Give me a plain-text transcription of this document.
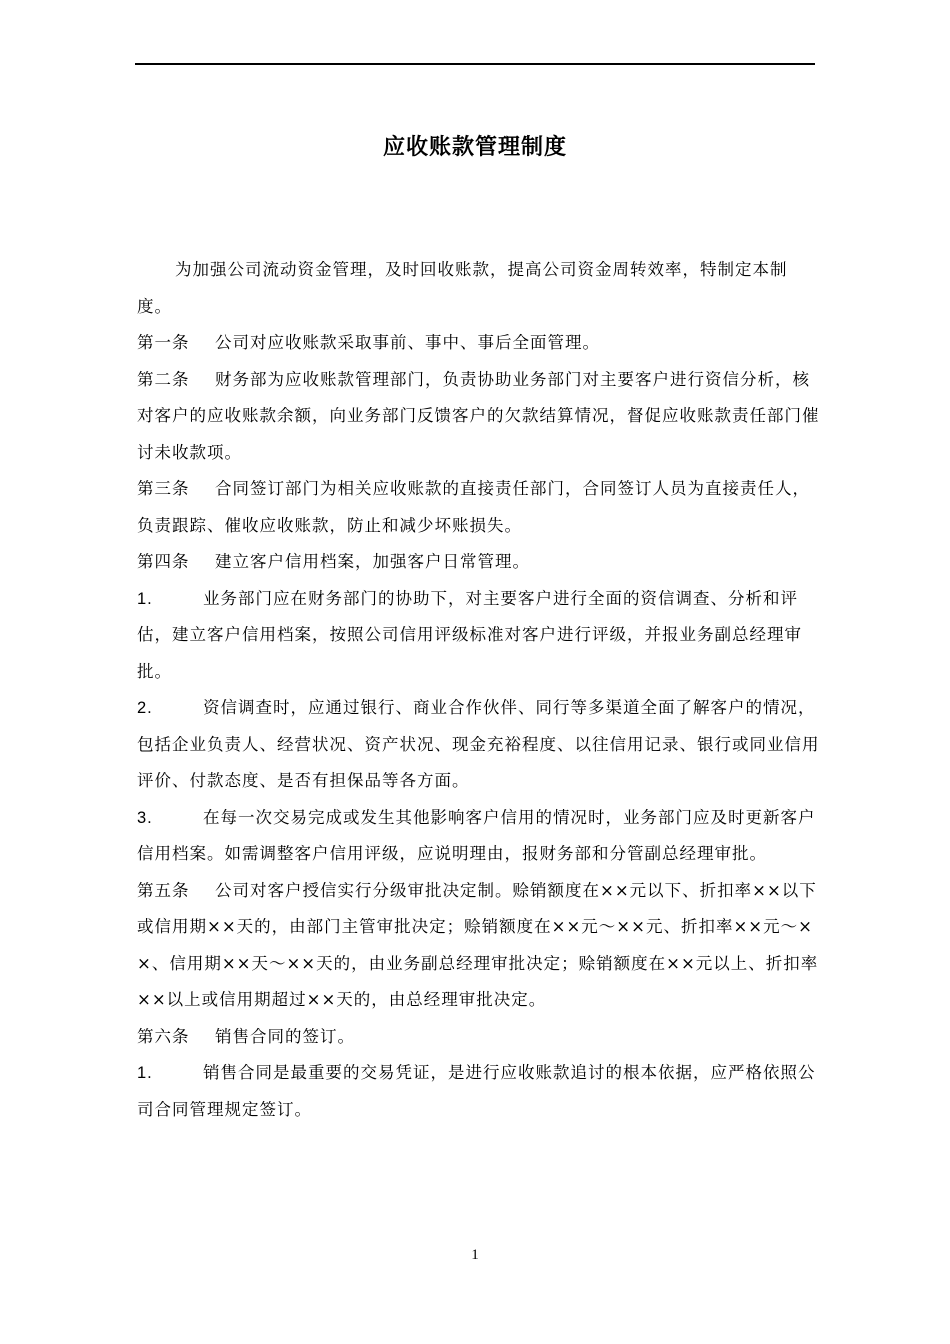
应收账款管理制度

为加强公司流动资金管理，及时回收账款，提高公司资金周转效率，特制定本制度。

第一条 公司对应收账款采取事前、事中、事后全面管理。

第二条 财务部为应收账款管理部门，负责协助业务部门对主要客户进行资信分析，核对客户的应收账款余额，向业务部门反馈客户的欠款结算情况，督促应收账款责任部门催讨未收款项。

第三条 合同签订部门为相关应收账款的直接责任部门，合同签订人员为直接责任人，负责跟踪、催收应收账款，防止和减少坏账损失。

第四条 建立客户信用档案，加强客户日常管理。

1.	业务部门应在财务部门的协助下，对主要客户进行全面的资信调查、分析和评估，建立客户信用档案，按照公司信用评级标准对客户进行评级，并报业务副总经理审批。

2.	资信调查时，应通过银行、商业合作伙伴、同行等多渠道全面了解客户的情况，包括企业负责人、经营状况、资产状况、现金充裕程度、以往信用记录、银行或同业信用评价、付款态度、是否有担保品等各方面。

3.	在每一次交易完成或发生其他影响客户信用的情况时，业务部门应及时更新客户信用档案。如需调整客户信用评级，应说明理由，报财务部和分管副总经理审批。

第五条 公司对客户授信实行分级审批决定制。赊销额度在××元以下、折扣率××以下或信用期××天的，由部门主管审批决定；赊销额度在××元～××元、折扣率××元～××、信用期××天～××天的，由业务副总经理审批决定；赊销额度在××元以上、折扣率××以上或信用期超过××天的，由总经理审批决定。

第六条 销售合同的签订。

1.	销售合同是最重要的交易凭证，是进行应收账款追讨的根本依据，应严格依照公司合同管理规定签订。

1
